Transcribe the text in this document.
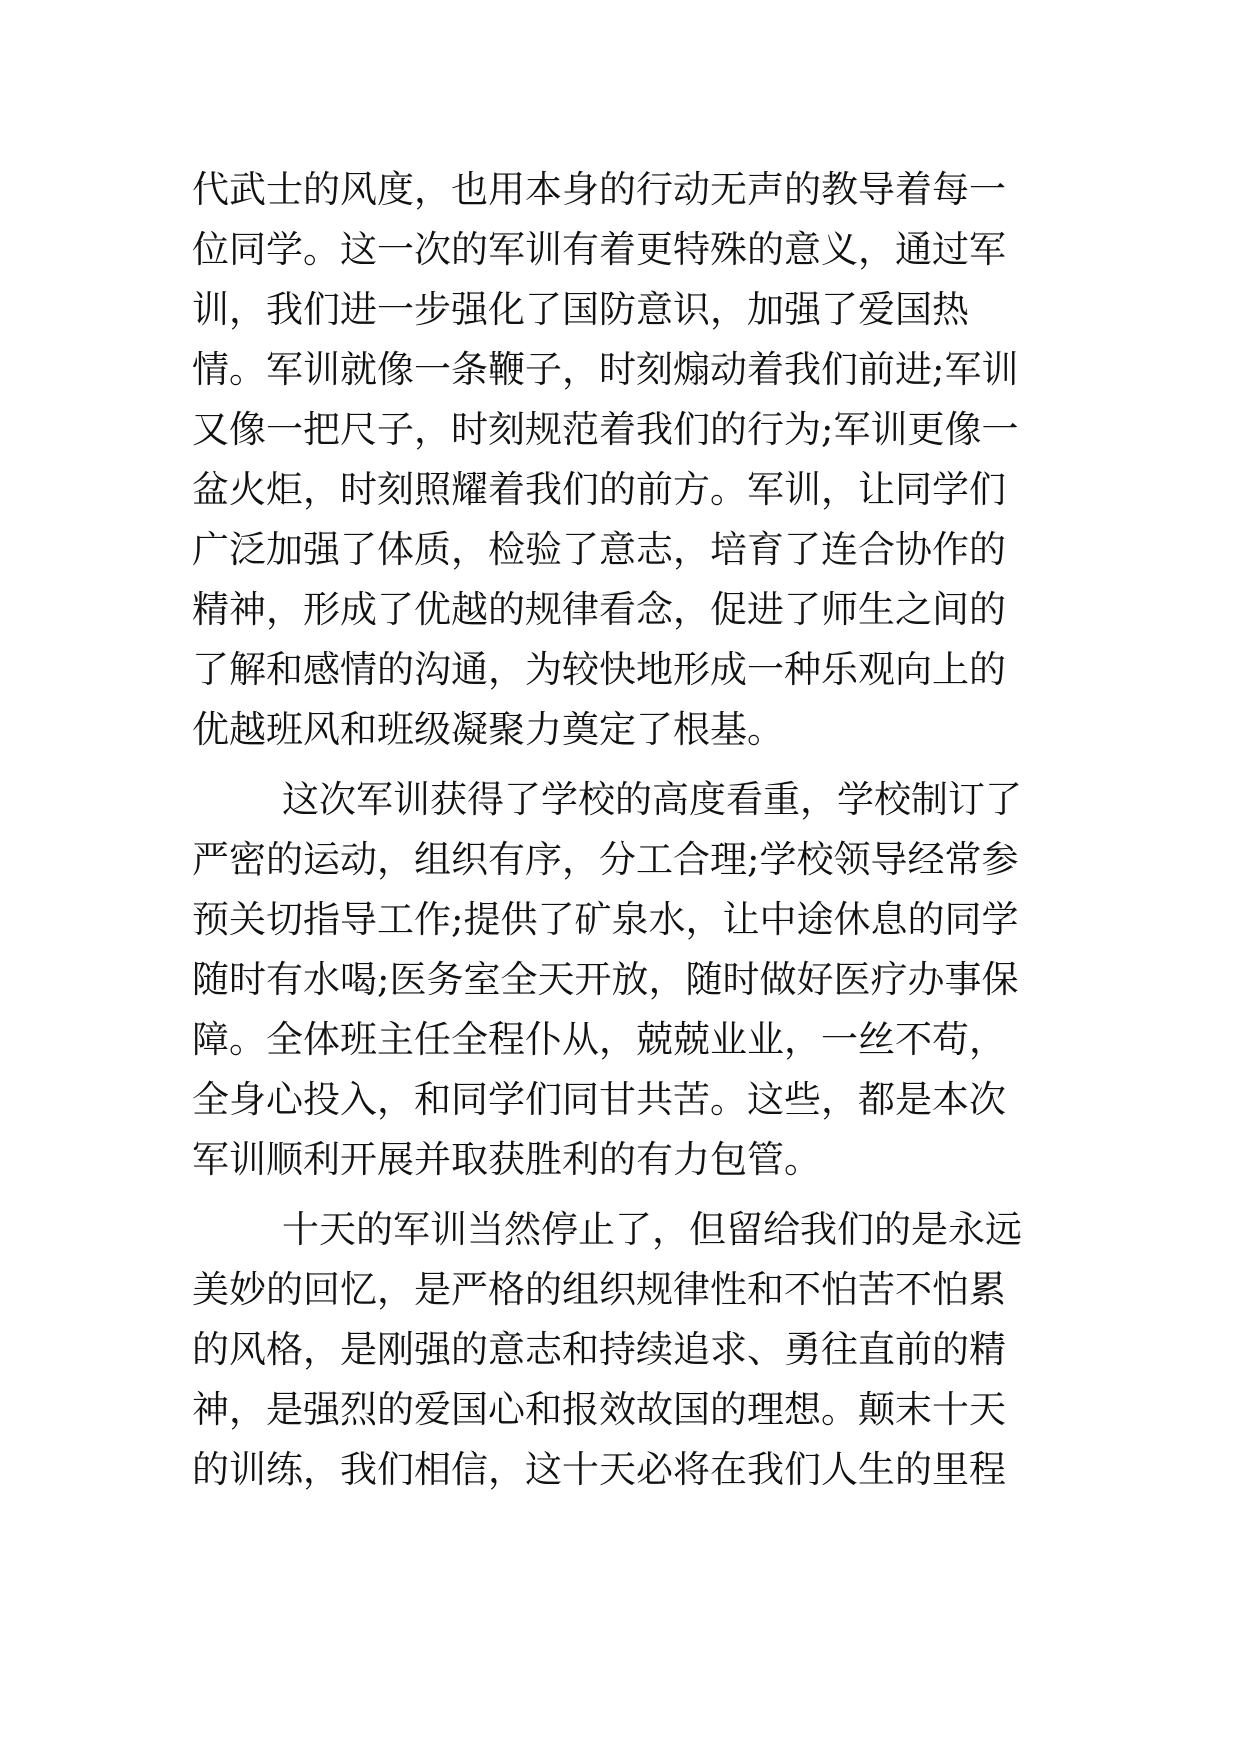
代武士的风度，也用本身的行动无声的教导着每一
位同学。这一次的军训有着更特殊的意义，通过军
训，我们进一步强化了国防意识，加强了爱国热
情。军训就像一条鞭子，时刻煽动着我们前进;军训
又像一把尺子，时刻规范着我们的行为;军训更像一
盆火炬，时刻照耀着我们的前方。军训，让同学们
广泛加强了体质，检验了意志，培育了连合协作的
精神，形成了优越的规律看念，促进了师生之间的
了解和感情的沟通，为较快地形成一种乐观向上的
优越班风和班级凝聚力奠定了根基。
这次军训获得了学校的高度看重，学校制订了
严密的运动，组织有序，分工合理;学校领导经常参
预关切指导工作;提供了矿泉水，让中途休息的同学
随时有水喝;医务室全天开放，随时做好医疗办事保
障。全体班主任全程仆从，兢兢业业，一丝不苟，
全身心投入，和同学们同甘共苦。这些，都是本次
军训顺利开展并取获胜利的有力包管。
十天的军训当然停止了，但留给我们的是永远
美妙的回忆，是严格的组织规律性和不怕苦不怕累
的风格，是刚强的意志和持续追求、勇往直前的精
神，是强烈的爱国心和报效故国的理想。颠末十天
的训练，我们相信，这十天必将在我们人生的里程
